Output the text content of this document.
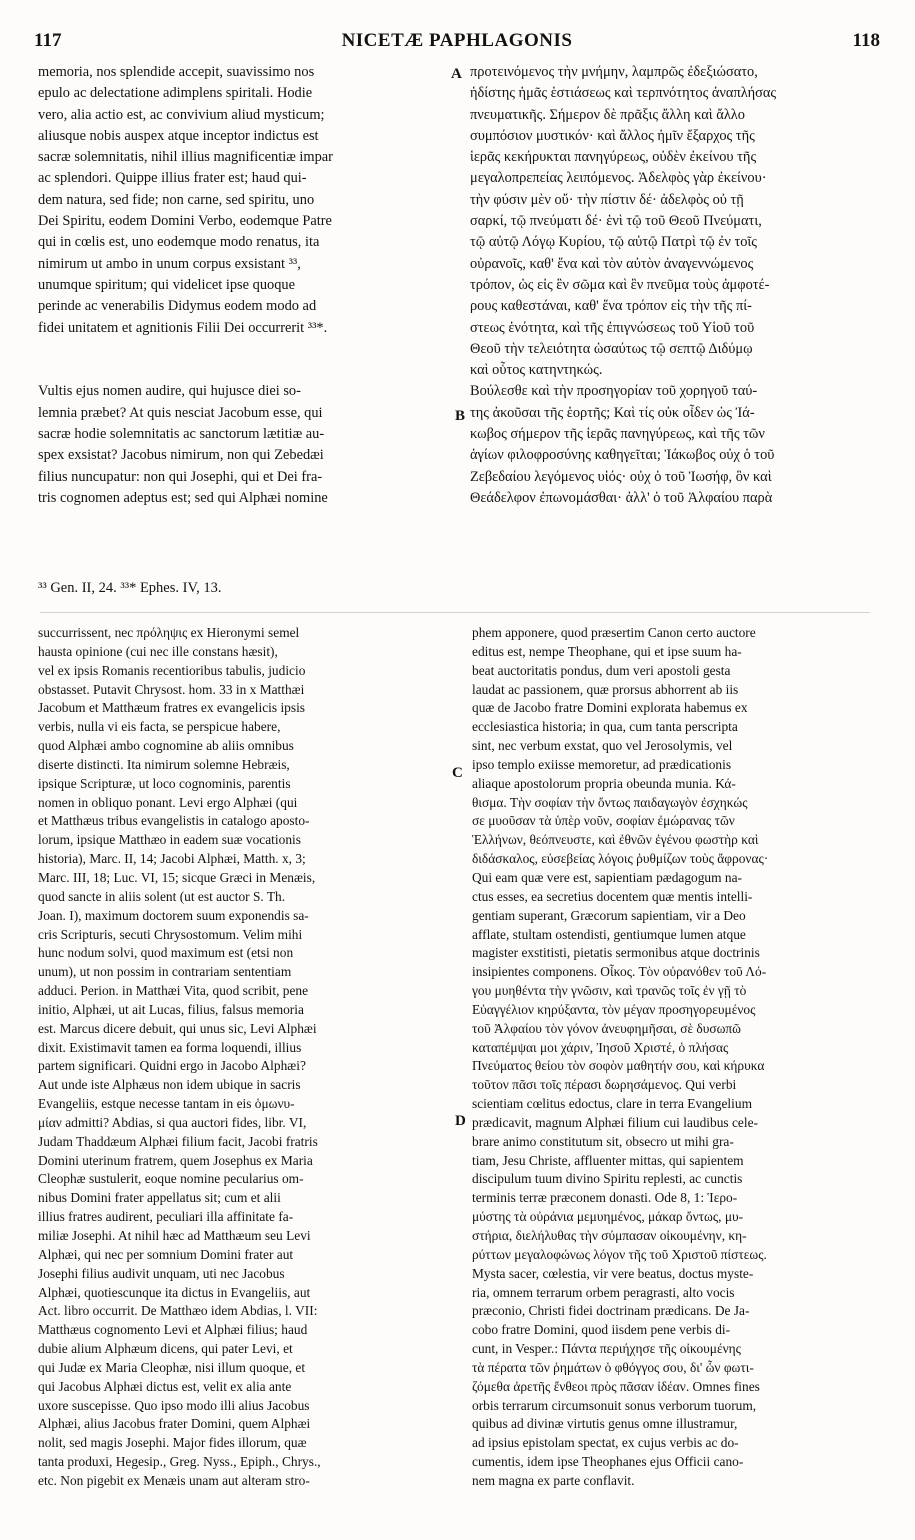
117	NICETÆ PAPHLAGONIS	118
memoria, nos splendide accepit, suavissimo nos
epulo ac delectatione adimplens spiritali. Hodie
vero, alia actio est, ac convivium aliud mysticum;
aliusque nobis auspex atque inceptor indictus est
sacræ solemnitatis, nihil illius magnificentiæ impar
ac splendori. Quippe illius frater est; haud qui-
dem natura, sed fide; non carne, sed spiritu, uno
Dei Spiritu, eodem Domini Verbo, eodemque Patre
qui in cœlis est, uno eodemque modo renatus, ita
nimirum ut ambo in unum corpus exsistant ³³,
unumque spiritum; qui videlicet ipse quoque
perinde ac venerabilis Didymus eodem modo ad
fidei unitatem et agnitionis Filii Dei occurrerit ³³*.
Vultis ejus nomen audire, qui hujusce diei so-
lemnia præbet? At quis nesciat Jacobum esse, qui
sacræ hodie solemnitatis ac sanctorum lætitiæ au-
spex exsistat? Jacobus nimirum, non qui Zebedæi
filius nuncupatur: non qui Josephi, qui et Dei fra-
tris cognomen adeptus est; sed qui Alphæi nomine
προτεινόμενος τὴν μνήμην, λαμπρῶς ἐδεξιώσατο,
ἡδίστης ἡμᾶς ἑστιάσεως καὶ τερπνότητος ἀναπλήσας
πνευματικῆς. Σήμερον δὲ πρᾶξις ἄλλη καὶ ἄλλο
συμπόσιον μυστικόν· καὶ ἄλλος ἡμῖν ἔξαρχος τῆς
ἱερᾶς κεκήρυκται πανηγύρεως, οὐδὲν ἐκείνου τῆς
μεγαλοπρεπείας λειπόμενος. Ἀδελφὸς γὰρ ἐκείνου·
τὴν φύσιν μὲν οὔ· τὴν πίστιν δέ· ἀδελφὸς οὐ τῇ
σαρκί, τῷ πνεύματι δέ· ἑνὶ τῷ τοῦ Θεοῦ Πνεύματι,
τῷ αὐτῷ Λόγῳ Κυρίου, τῷ αὐτῷ Πατρὶ τῷ ἐν τοῖς
οὐρανοῖς, καθ' ἕνα καὶ τὸν αὐτὸν ἀναγεννώμενος
τρόπον, ὡς εἰς ἓν σῶμα καὶ ἓν πνεῦμα τοὺς ἀμφοτέ-
ρους καθεστάναι, καθ' ἕνα τρόπον εἰς τὴν τῆς πί-
στεως ἑνότητα, καὶ τῆς ἐπιγνώσεως τοῦ Υἱοῦ τοῦ
Θεοῦ τὴν τελειότητα ὡσαύτως τῷ σεπτῷ Διδύμῳ
καὶ οὗτος κατηντηκώς.
Βούλεσθε καὶ τὴν προσηγορίαν τοῦ χορηγοῦ ταύ-
της ἀκοῦσαι τῆς ἑορτῆς; Καὶ τίς οὐκ οἶδεν ὡς Ἰά-
κωβος σήμερον τῆς ἱερᾶς πανηγύρεως, καὶ τῆς τῶν
ἁγίων φιλοφροσύνης καθηγεῖται; Ἰάκωβος οὐχ ὁ τοῦ
Ζεβεδαίου λεγόμενος υἱός· οὐχ ὁ τοῦ Ἰωσήφ, ὃν καὶ
Θεάδελφον ἐπωνομάσθαι· ἀλλ' ὁ τοῦ Ἀλφαίου παρὰ
A
B
C
D
³³ Gen. II, 24. ³³* Ephes. IV, 13.
succurrissent, nec πρόληψις ex Hieronymi semel
hausta opinione (cui nec ille constans hæsit),
vel ex ipsis Romanis recentioribus tabulis, judicio
obstasset. Putavit Chrysost. hom. 33 in x Matthæi
Jacobum et Matthæum fratres ex evangelicis ipsis
verbis, nulla vi eis facta, se perspicue habere,
quod Alphæi ambo cognomine ab aliis omnibus
diserte distincti. Ita nimirum solemne Hebræis,
ipsique Scripturæ, ut loco cognominis, parentis
nomen in obliquo ponant. Levi ergo Alphæi (qui
et Matthæus tribus evangelistis in catalogo aposto-
lorum, ipsique Matthæo in eadem suæ vocationis
historia), Marc. II, 14; Jacobi Alphæi, Matth. x, 3;
Marc. III, 18; Luc. VI, 15; sicque Græci in Menæis,
quod sancte in aliis solent (ut est auctor S. Th.
Joan. I), maximum doctorem suum exponendis sa-
cris Scripturis, secuti Chrysostomum. Velim mihi
hunc nodum solvi, quod maximum est (etsi non
unum), ut non possim in contrariam sententiam
adduci. Perion. in Matthæi Vita, quod scribit, pene
initio, Alphæi, ut ait Lucas, filius, falsus memoria
est. Marcus dicere debuit, qui unus sic, Levi Alphæi
dixit. Existimavit tamen ea forma loquendi, illius
partem significari. Quidni ergo in Jacobo Alphæi?
Aut unde iste Alphæus non idem ubique in sacris
Evangeliis, estque necesse tantam in eis ὁμωνυ-
μίαν admitti? Abdias, si qua auctori fides, libr. VI,
Judam Thaddæum Alphæi filium facit, Jacobi fratris
Domini uterinum fratrem, quem Josephus ex Maria
Cleophæ sustulerit, eoque nomine pecularius om-
nibus Domini frater appellatus sit; cum et alii
illius fratres audirent, peculiari illa affinitate fa-
miliæ Josephi. At nihil hæc ad Matthæum seu Levi
Alphæi, qui nec per somnium Domini frater aut
Josephi filius audivit unquam, uti nec Jacobus
Alphæi, quotiescunque ita dictus in Evangeliis, aut
Act. libro occurrit. De Matthæo idem Abdias, l. VII:
Matthæus cognomento Levi et Alphæi filius; haud
dubie alium Alphæum dicens, qui pater Levi, et
qui Judæ ex Maria Cleophæ, nisi illum quoque, et
qui Jacobus Alphæi dictus est, velit ex alia ante
uxore suscepisse. Quo ipso modo illi alius Jacobus
Alphæi, alius Jacobus frater Domini, quem Alphæi
nolit, sed magis Josephi. Major fides illorum, quæ
tanta produxi, Hegesip., Greg. Nyss., Epiph., Chrys.,
etc. Non pigebit ex Menæis unam aut alteram stro-
phem apponere, quod præsertim Canon certo auctore
editus est, nempe Theophane, qui et ipse suum ha-
beat auctoritatis pondus, dum veri apostoli gesta
laudat ac passionem, quæ prorsus abhorrent ab iis
quæ de Jacobo fratre Domini explorata habemus ex
ecclesiastica historia; in qua, cum tanta perscripta
sint, nec verbum exstat, quo vel Jerosolymis, vel
ipso templo exiisse memoretur, ad prædicationis
aliaque apostolorum propria obeunda munia. Κά-
θισμα. Τὴν σοφίαν τὴν ὄντως παιδαγωγὸν ἐσχηκώς
σε μυοῦσαν τὰ ὑπὲρ νοῦν, σοφίαν ἐμώρανας τῶν
Ἑλλήνων, θεόπνευστε, καὶ ἐθνῶν ἐγένου φωστὴρ καὶ
διδάσκαλος, εὐσεβείας λόγοις ῥυθμίζων τοὺς ἄφρονας·
Qui eam quæ vere est, sapientiam pædagogum na-
ctus esses, ea secretius docentem quæ mentis intelli-
gentiam superant, Græcorum sapientiam, vir a Deo
afflate, stultam ostendisti, gentiumque lumen atque
magister exstitisti, pietatis sermonibus atque doctrinis
insipientes componens. Οἶκος. Τὸν οὐρανόθεν τοῦ Λό-
γου μυηθέντα τὴν γνῶσιν, καὶ τρανῶς τοῖς ἐν γῇ τὸ
Εὐαγγέλιον κηρύξαντα, τὸν μέγαν προσηγορευμένος
τοῦ Ἀλφαίου τὸν γόνον ἀνευφημῆσαι, σὲ δυσωπῶ
καταπέμψαι μοι χάριν, Ἰησοῦ Χριστέ, ὁ πλήσας
Πνεύματος θείου τὸν σοφὸν μαθητήν σου, καὶ κήρυκα
τοῦτον πᾶσι τοῖς πέρασι δωρησάμενος. Qui verbi
scientiam cœlitus edoctus, clare in terra Evangelium
prædicavit, magnum Alphæi filium cui laudibus cele-
brare animo constitutum sit, obsecro ut mihi gra-
tiam, Jesu Christe, affluenter mittas, qui sapientem
discipulum tuum divino Spiritu replesti, ac cunctis
terminis terræ præconem donasti. Ode 8, 1: Ἱερο-
μύστης τὰ οὐράνια μεμυημένος, μάκαρ ὄντως, μυ-
στήρια, διελήλυθας τὴν σύμπασαν οἰκουμένην, κη-
ρύττων μεγαλοφώνως λόγον τῆς τοῦ Χριστοῦ πίστεως.
Mysta sacer, cœlestia, vir vere beatus, doctus myste-
ria, omnem terrarum orbem peragrasti, alto vocis
præconio, Christi fidei doctrinam prædicans. De Ja-
cobo fratre Domini, quod iisdem pene verbis di-
cunt, in Vesper.: Πάντα περιήχησε τῆς οἰκουμένης
τὰ πέρατα τῶν ῥημάτων ὁ φθόγγος σου, δι' ὧν φωτι-
ζόμεθα ἀρετῆς ἔνθεοι πρὸς πᾶσαν ἰδέαν. Omnes fines
orbis terrarum circumsonuit sonus verborum tuorum,
quibus ad divinæ virtutis genus omne illustramur,
ad ipsius epistolam spectat, ex cujus verbis ac do-
cumentis, idem ipse Theophanes ejus Officii cano-
nem magna ex parte conflavit.
